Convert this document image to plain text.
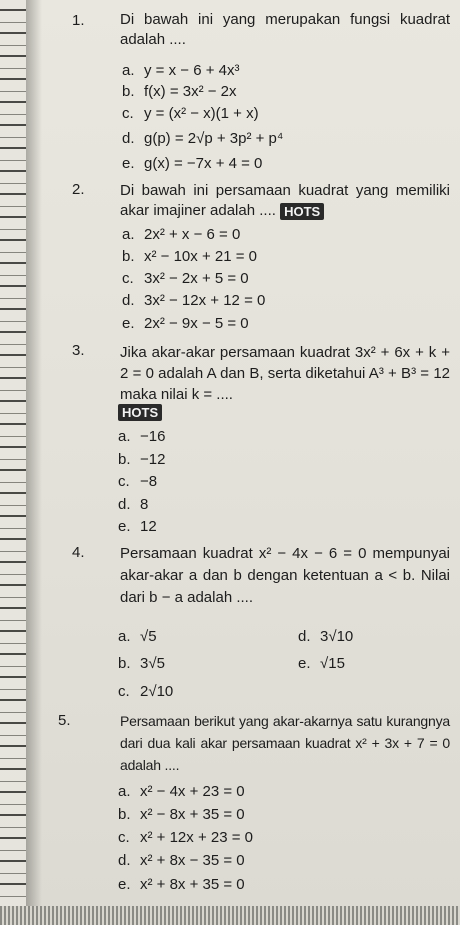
1. Di bawah ini yang merupakan fungsi kuadrat adalah ....
a. y = x − 6 + 4x³
b. f(x) = 3x² − 2x
c. y = (x² − x)(1 + x)
d. g(p) = 2√p + 3p² + p⁴
e. g(x) = −7x + 4 = 0
2. Di bawah ini persamaan kuadrat yang memiliki akar imajiner adalah .... HOTS
a. 2x² + x − 6 = 0
b. x² − 10x + 21 = 0
c. 3x² − 2x + 5 = 0
d. 3x² − 12x + 12 = 0
e. 2x² − 9x − 5 = 0
3. Jika akar-akar persamaan kuadrat 3x² + 6x + k + 2 = 0 adalah A dan B, serta diketahui A³ + B³ = 12 maka nilai k = ....
HOTS
a. −16
b. −12
c. −8
d. 8
e. 12
4. Persamaan kuadrat x² − 4x − 6 = 0 mempunyai akar-akar a dan b dengan ketentuan a < b. Nilai dari b − a adalah ....
a. √5	d. 3√10
b. 3√5	e. √15
c. 2√10
5.	Persamaan berikut yang akar-akarnya satu kurangnya dari dua kali akar persamaan kuadrat x² + 3x + 7 = 0 adalah ....
a. x² − 4x + 23 = 0
b. x² − 8x + 35 = 0
c. x² + 12x + 23 = 0
d. x² + 8x − 35 = 0
e. x² + 8x + 35 = 0
